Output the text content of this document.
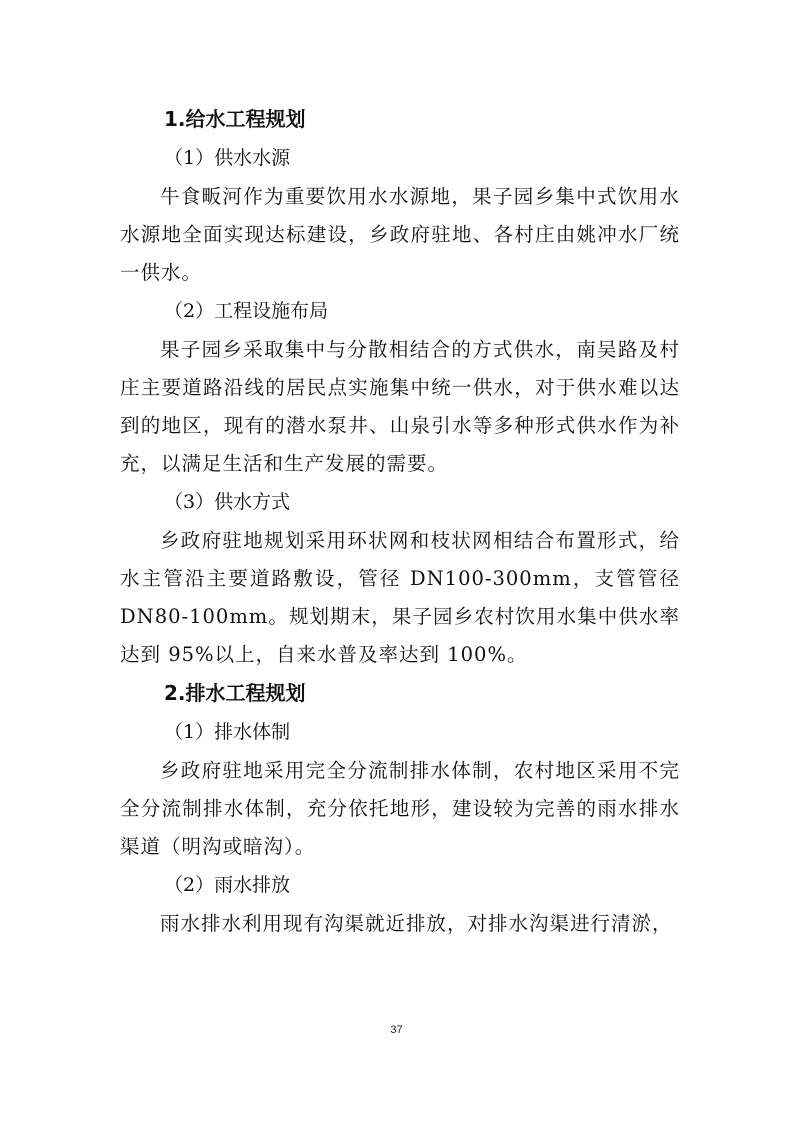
1.给水工程规划
（1）供水水源

牛食畈河作为重要饮用水水源地，果子园乡集中式饮用水水源地全面实现达标建设，乡政府驻地、各村庄由姚冲水厂统一供水。

（2）工程设施布局

果子园乡采取集中与分散相结合的方式供水，南吴路及村庄主要道路沿线的居民点实施集中统一供水，对于供水难以达到的地区，现有的潜水泵井、山泉引水等多种形式供水作为补充，以满足生活和生产发展的需要。

（3）供水方式

乡政府驻地规划采用环状网和枝状网相结合布置形式，给水主管沿主要道路敷设，管径 DN100-300mm，支管管径 DN80-100mm。规划期末，果子园乡农村饮用水集中供水率达到 95%以上，自来水普及率达到 100%。

2.排水工程规划
（1）排水体制

乡政府驻地采用完全分流制排水体制，农村地区采用不完全分流制排水体制，充分依托地形，建设较为完善的雨水排水渠道（明沟或暗沟）。

（2）雨水排放

雨水排水利用现有沟渠就近排放，对排水沟渠进行清淤，

37
